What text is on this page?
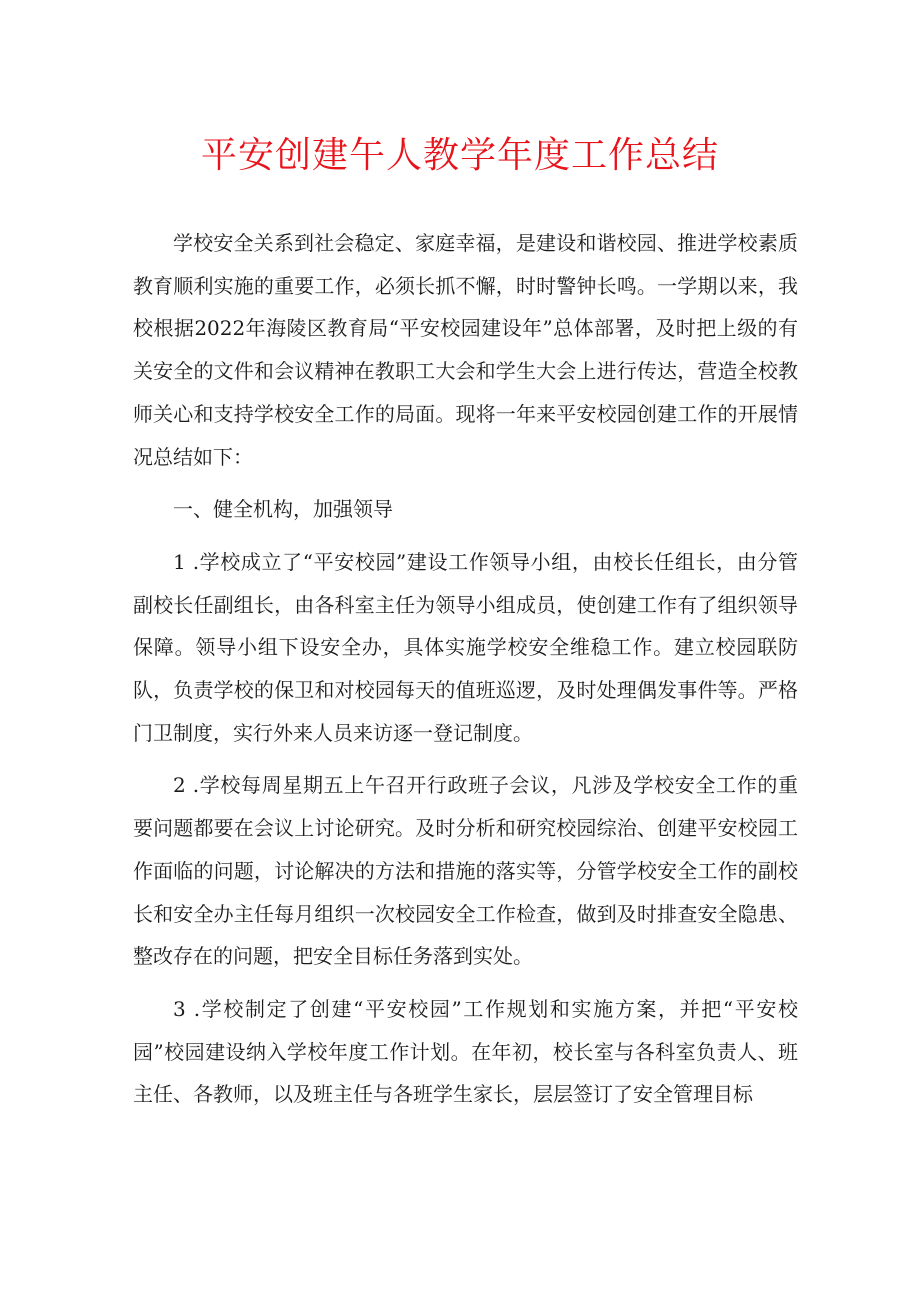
平安创建午人教学年度工作总结

学校安全关系到社会稳定、家庭幸福，是建设和谐校园、推进学校素质教育顺利实施的重要工作，必须长抓不懈，时时警钟长鸣。一学期以来，我校根据2022年海陵区教育局“平安校园建设年”总体部署，及时把上级的有关安全的文件和会议精神在教职工大会和学生大会上进行传达，营造全校教师关心和支持学校安全工作的局面。现将一年来平安校园创建工作的开展情况总结如下：

一、健全机构，加强领导

1 .学校成立了“平安校园”建设工作领导小组，由校长任组长，由分管副校长任副组长，由各科室主任为领导小组成员，使创建工作有了组织领导保障。领导小组下设安全办，具体实施学校安全维稳工作。建立校园联防队，负责学校的保卫和对校园每天的值班巡逻，及时处理偶发事件等。严格门卫制度，实行外来人员来访逐一登记制度。

2 .学校每周星期五上午召开行政班子会议，凡涉及学校安全工作的重要问题都要在会议上讨论研究。及时分析和研究校园综治、创建平安校园工作面临的问题，讨论解决的方法和措施的落实等，分管学校安全工作的副校长和安全办主任每月组织一次校园安全工作检查，做到及时排查安全隐患、整改存在的问题，把安全目标任务落到实处。

3 .学校制定了创建“平安校园”工作规划和实施方案，并把“平安校园”校园建设纳入学校年度工作计划。在年初，校长室与各科室负责人、班主任、各教师，以及班主任与各班学生家长，层层签订了安全管理目标
